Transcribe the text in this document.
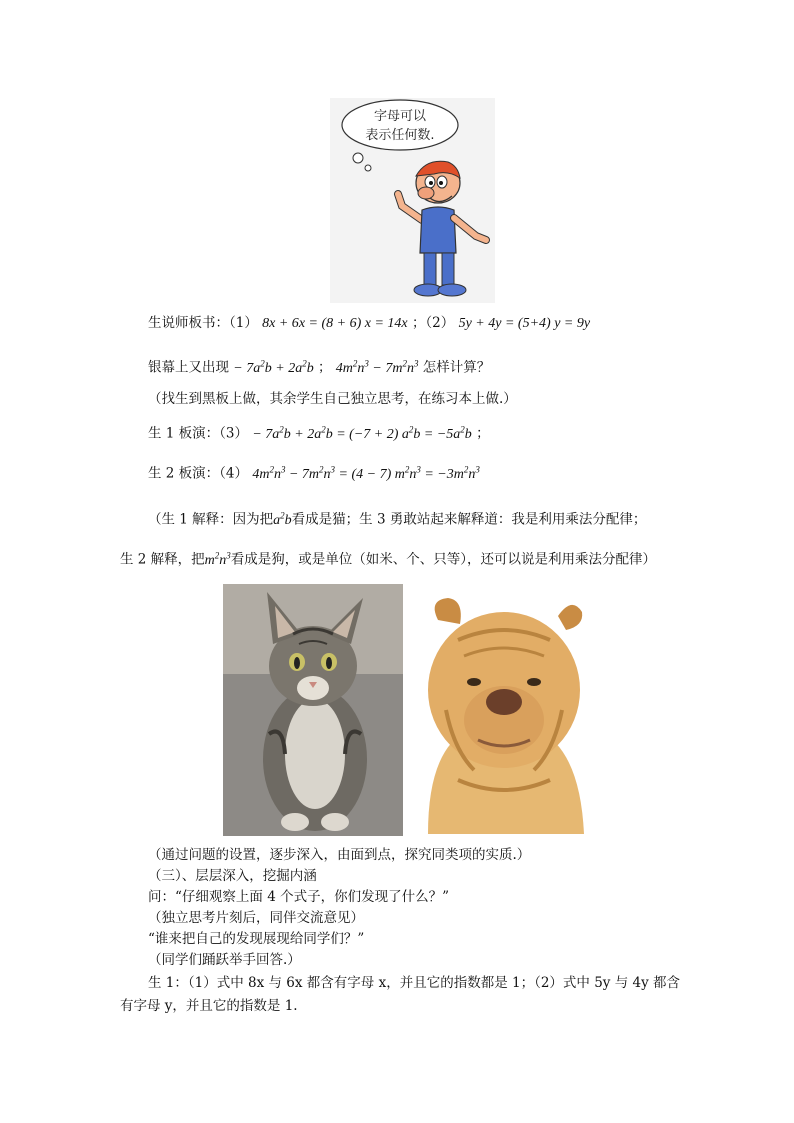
字母可以
表示任何数.
生说师板书：（1） 8x + 6x = (8 + 6) x = 14x ；（2） 5y + 4y = (5+4) y = 9y
银幕上又出现 − $7a^2b + 2a^2b$ ； $4m^2n^3 - 7m^2n^3$ 怎样计算？
（找生到黑板上做，其余学生自己独立思考，在练习本上做.）
生 1 板演：$(3) - 7a^2b + 2a^2b = (-7 + 2) a^2b = -5a^2b$ ；
生 2 板演：（4） $4m^2n^3 - 7m^2n^3 = (4 - 7) m^2n^3 = -3m^2n^3$
（生 1 解释：因为把$a^2b$看成是猫；生 3 勇敢站起来解释道：我是利用乘法分配律；
生 2 解释，把$m^2n^3$看成是狗，或是单位（如米、个、只等），还可以说是利用乘法分配律）
（通过问题的设置，逐步深入，由面到点，探究同类项的实质.）
（三）、层层深入，挖掘内涵
问：“仔细观察上面 4 个式子，你们发现了什么？”
（独立思考片刻后，同伴交流意见）
“谁来把自己的发现展现给同学们？”
（同学们踊跃举手回答.）
生 1：（1）式中 8x 与 6x 都含有字母 x，并且它的指数都是 1；（2）式中 5y 与 4y 都含
有字母 y，并且它的指数是 1.
